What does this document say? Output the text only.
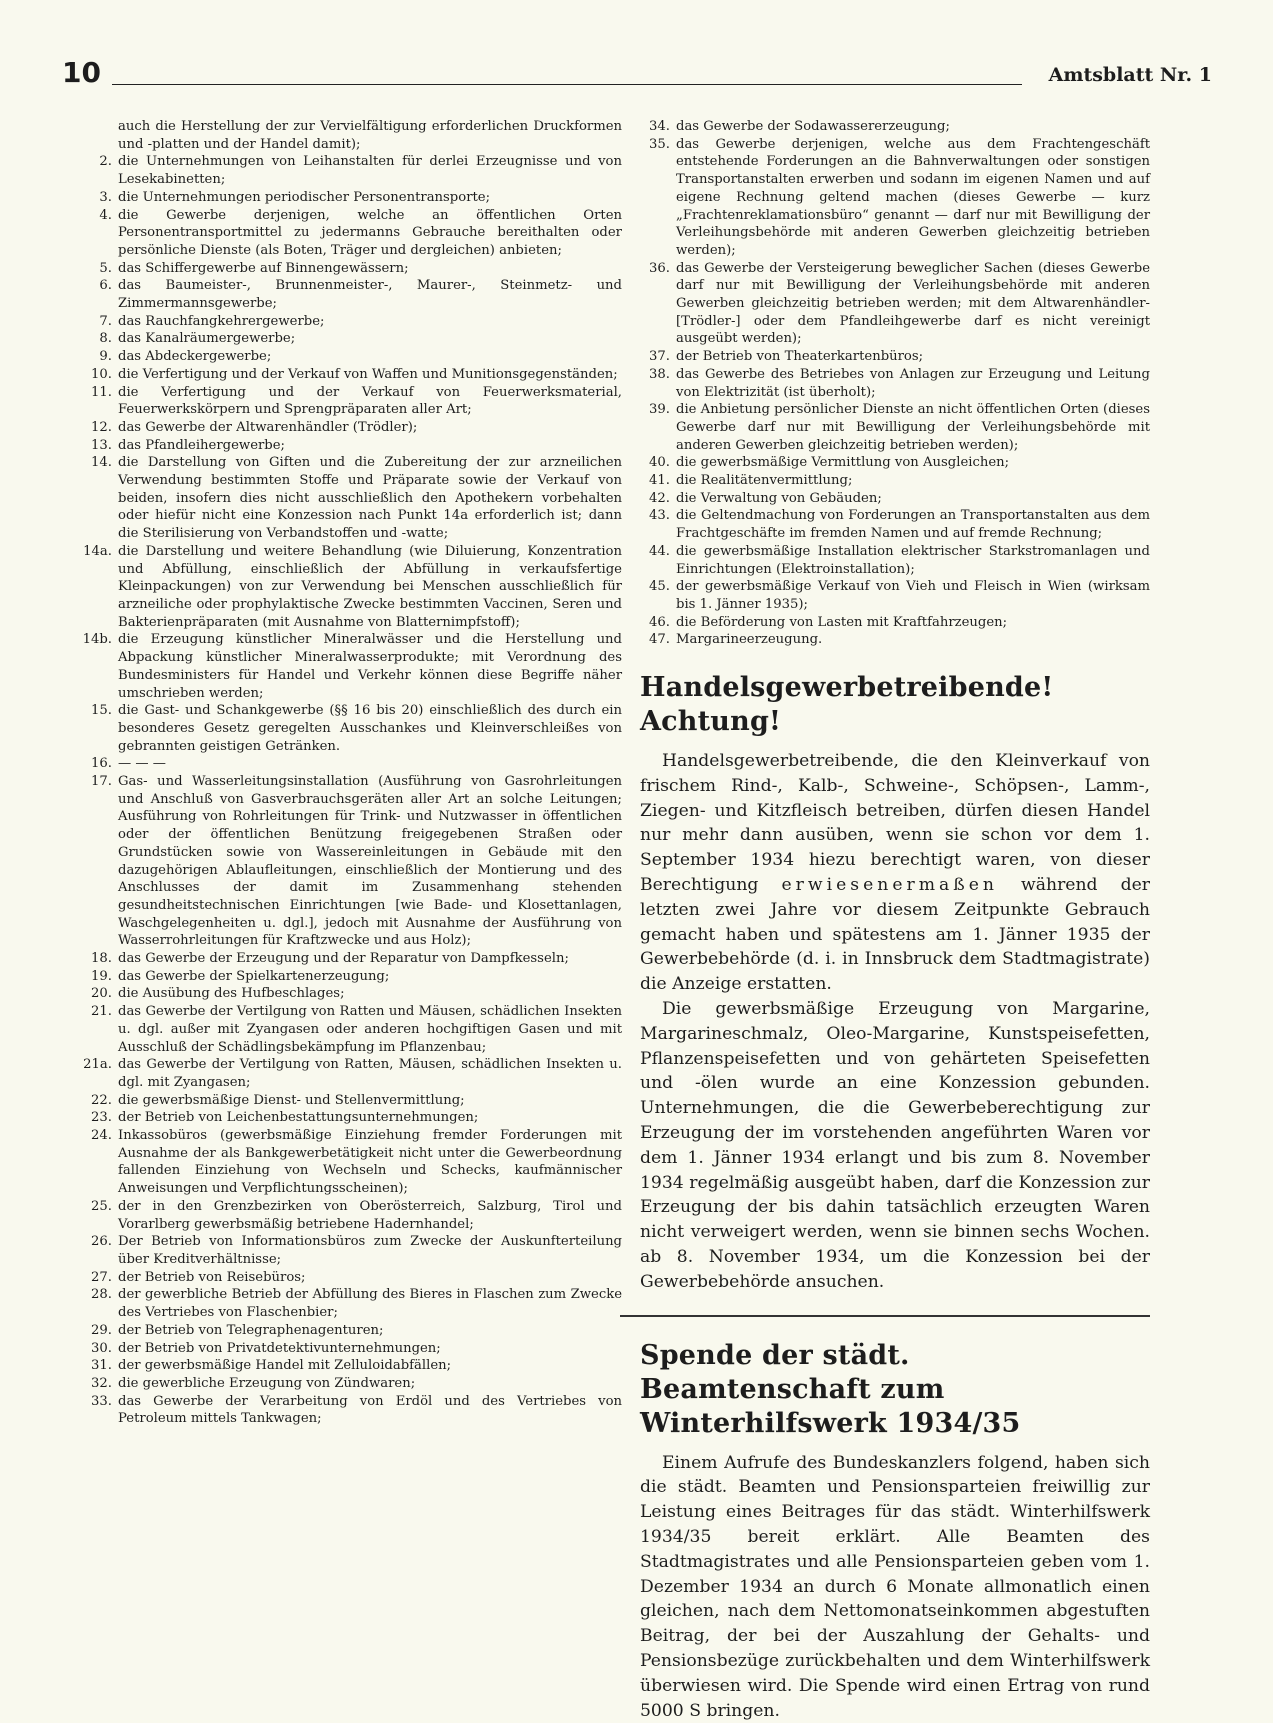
10	Amtsblatt Nr. 1
auch die Herstellung der zur Vervielfältigung erforderlichen Druckformen und -platten und der Handel damit);
2. die Unternehmungen von Leihanstalten für derlei Erzeugnisse und von Lesekabinetten;
3. die Unternehmungen periodischer Personentransporte;
4. die Gewerbe derjenigen, welche an öffentlichen Orten Personentransportmittel zu jedermanns Gebrauche bereithalten oder persönliche Dienste (als Boten, Träger und dergleichen) anbieten;
5. das Schiffergewerbe auf Binnengewässern;
6. das Baumeister-, Brunnenmeister-, Maurer-, Steinmetz- und Zimmermannsgewerbe;
7. das Rauchfangkehrergewerbe;
8. das Kanalräumergewerbe;
9. das Abdeckergewerbe;
10. die Verfertigung und der Verkauf von Waffen und Munitionsgegenständen;
11. die Verfertigung und der Verkauf von Feuerwerksmaterial, Feuerwerkskörpern und Sprengpräparaten aller Art;
12. das Gewerbe der Altwarenhändler (Trödler);
13. das Pfandleihergewerbe;
14. die Darstellung von Giften und die Zubereitung der zur arzneilichen Verwendung bestimmten Stoffe und Präparate sowie der Verkauf von beiden, insofern dies nicht ausschließlich den Apothekern vorbehalten oder hiefür nicht eine Konzession nach Punkt 14a erforderlich ist; dann die Sterilisierung von Verbandstoffen und -watte;
14a. die Darstellung und weitere Behandlung (wie Diluierung, Konzentration und Abfüllung, einschließlich der Abfüllung in verkaufsfertige Kleinpackungen) von zur Verwendung bei Menschen ausschließlich für arzneiliche oder prophylaktische Zwecke bestimmten Vaccinen, Seren und Bakterienpräparaten (mit Ausnahme von Blatternimpfstoff);
14b. die Erzeugung künstlicher Mineralwässer und die Herstellung und Abpackung künstlicher Mineralwasserprodukte; mit Verordnung des Bundesministers für Handel und Verkehr können diese Begriffe näher umschrieben werden;
15. die Gast- und Schankgewerbe (§§ 16 bis 20) einschließlich des durch ein besonderes Gesetz geregelten Ausschankes und Kleinverschleißes von gebrannten geistigen Getränken.
16. — — —
17. Gas- und Wasserleitungsinstallation (Ausführung von Gasrohrleitungen und Anschluß von Gasverbrauchsgeräten aller Art an solche Leitungen; Ausführung von Rohrleitungen für Trink- und Nutzwasser in öffentlichen oder der öffentlichen Benützung freigegebenen Straßen oder Grundstücken sowie von Wassereinleitungen in Gebäude mit den dazugehörigen Ablaufleitungen, einschließlich der Montierung und des Anschlusses der damit im Zusammenhang stehenden gesundheitstechnischen Einrichtungen [wie Bade- und Klosettanlagen, Waschgelegenheiten u. dgl.], jedoch mit Ausnahme der Ausführung von Wasserrohrleitungen für Kraftzwecke und aus Holz);
18. das Gewerbe der Erzeugung und der Reparatur von Dampfkesseln;
19. das Gewerbe der Spielkartenerzeugung;
20. die Ausübung des Hufbeschlages;
21. das Gewerbe der Vertilgung von Ratten und Mäusen, schädlichen Insekten u. dgl. außer mit Zyangasen oder anderen hochgiftigen Gasen und mit Ausschluß der Schädlingsbekämpfung im Pflanzenbau;
21a. das Gewerbe der Vertilgung von Ratten, Mäusen, schädlichen Insekten u. dgl. mit Zyangasen;
22. die gewerbsmäßige Dienst- und Stellenvermittlung;
23. der Betrieb von Leichenbestattungsunternehmungen;
24. Inkassobüros (gewerbsmäßige Einziehung fremder Forderungen mit Ausnahme der als Bankgewerbetätigkeit nicht unter die Gewerbeordnung fallenden Einziehung von Wechseln und Schecks, kaufmännischer Anweisungen und Verpflichtungsscheinen);
25. der in den Grenzbezirken von Oberösterreich, Salzburg, Tirol und Vorarlberg gewerbsmäßig betriebene Hadernhandel;
26. Der Betrieb von Informationsbüros zum Zwecke der Auskunfterteilung über Kreditverhältnisse;
27. der Betrieb von Reisebüros;
28. der gewerbliche Betrieb der Abfüllung des Bieres in Flaschen zum Zwecke des Vertriebes von Flaschenbier;
29. der Betrieb von Telegraphenagenturen;
30. der Betrieb von Privatdetektivunternehmungen;
31. der gewerbsmäßige Handel mit Zelluloidabfällen;
32. die gewerbliche Erzeugung von Zündwaren;
33. das Gewerbe der Verarbeitung von Erdöl und des Vertriebes von Petroleum mittels Tankwagen;
34. das Gewerbe der Sodawassererzeugung;
35. das Gewerbe derjenigen, welche aus dem Frachtengeschäft entstehende Forderungen an die Bahnverwaltungen oder sonstigen Transportanstalten erwerben und sodann im eigenen Namen und auf eigene Rechnung geltend machen (dieses Gewerbe — kurz „Frachtenreklamationsbüro“ genannt — darf nur mit Bewilligung der Verleihungsbehörde mit anderen Gewerben gleichzeitig betrieben werden);
36. das Gewerbe der Versteigerung beweglicher Sachen (dieses Gewerbe darf nur mit Bewilligung der Verleihungsbehörde mit anderen Gewerben gleichzeitig betrieben werden; mit dem Altwarenhändler- [Trödler-] oder dem Pfandleihgewerbe darf es nicht vereinigt ausgeübt werden);
37. der Betrieb von Theaterkartenbüros;
38. das Gewerbe des Betriebes von Anlagen zur Erzeugung und Leitung von Elektrizität (ist überholt);
39. die Anbietung persönlicher Dienste an nicht öffentlichen Orten (dieses Gewerbe darf nur mit Bewilligung der Verleihungsbehörde mit anderen Gewerben gleichzeitig betrieben werden);
40. die gewerbsmäßige Vermittlung von Ausgleichen;
41. die Realitätenvermittlung;
42. die Verwaltung von Gebäuden;
43. die Geltendmachung von Forderungen an Transportanstalten aus dem Frachtgeschäfte im fremden Namen und auf fremde Rechnung;
44. die gewerbsmäßige Installation elektrischer Starkstromanlagen und Einrichtungen (Elektroinstallation);
45. der gewerbsmäßige Verkauf von Vieh und Fleisch in Wien (wirksam bis 1. Jänner 1935);
46. die Beförderung von Lasten mit Kraftfahrzeugen;
47. Margarineerzeugung.
Handelsgewerbetreibende! Achtung!

Handelsgewerbetreibende, die den Kleinverkauf von frischem Rind-, Kalb-, Schweine-, Schöpsen-, Lamm-, Ziegen- und Kitzfleisch betreiben, dürfen diesen Handel nur mehr dann ausüben, wenn sie schon vor dem 1. September 1934 hiezu berechtigt waren, von dieser Berechtigung erwiesenermaßen während der letzten zwei Jahre vor diesem Zeitpunkte Gebrauch gemacht haben und spätestens am 1. Jänner 1935 der Gewerbebehörde (d. i. in Innsbruck dem Stadtmagistrate) die Anzeige erstatten.

Die gewerbsmäßige Erzeugung von Margarine, Margarineschmalz, Oleo-Margarine, Kunstspeisefetten, Pflanzenspeisefetten und von gehärteten Speisefetten und -ölen wurde an eine Konzession gebunden. Unternehmungen, die die Gewerbeberechtigung zur Erzeugung der im vorstehenden angeführten Waren vor dem 1. Jänner 1934 erlangt und bis zum 8. November 1934 regelmäßig ausgeübt haben, darf die Konzession zur Erzeugung der bis dahin tatsächlich erzeugten Waren nicht verweigert werden, wenn sie binnen sechs Wochen. ab 8. November 1934, um die Konzession bei der Gewerbebehörde ansuchen.

Spende der städt. Beamtenschaft zum Winterhilfswerk 1934/35

Einem Aufrufe des Bundeskanzlers folgend, haben sich die städt. Beamten und Pensionsparteien freiwillig zur Leistung eines Beitrages für das städt. Winterhilfswerk 1934/35 bereit erklärt. Alle Beamten des Stadtmagistrates und alle Pensionsparteien geben vom 1. Dezember 1934 an durch 6 Monate allmonatlich einen gleichen, nach dem Nettomonatseinkommen abgestuften Beitrag, der bei der Auszahlung der Gehalts- und Pensionsbezüge zurückbehalten und dem Winterhilfswerk überwiesen wird. Die Spende wird einen Ertrag von rund 5000 S bringen.
